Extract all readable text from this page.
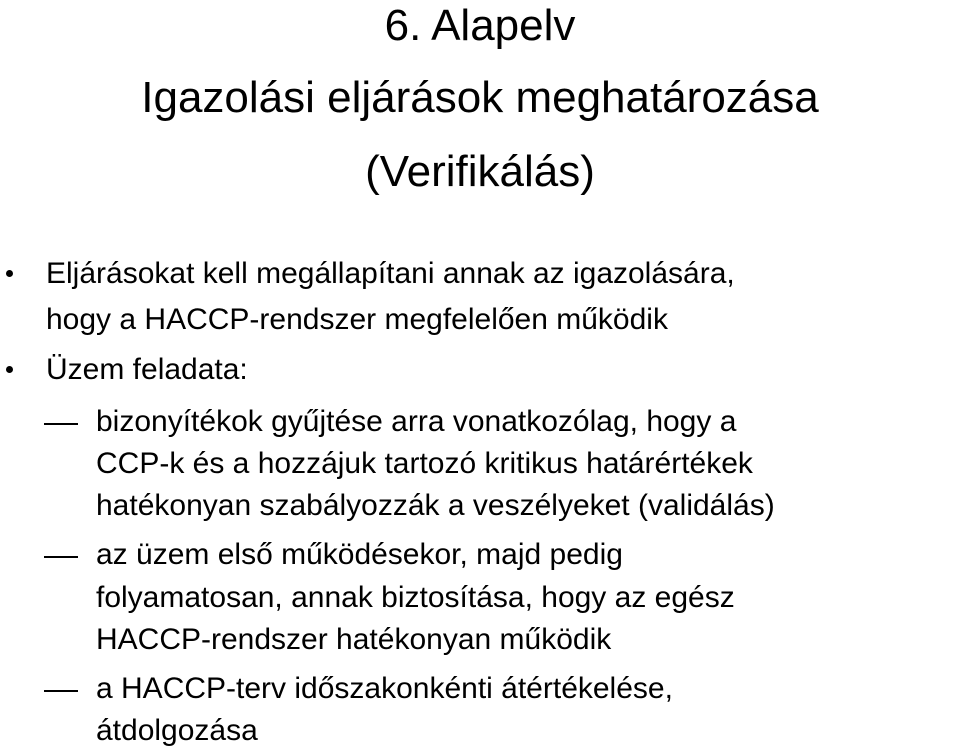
6. Alapelv
Igazolási eljárások meghatározása
(Verifikálás)
Eljárásokat kell megállapítani annak az igazolására,
hogy a HACCP-rendszer megfelelően működik
Üzem feladata:
bizonyítékok gyűjtése arra vonatkozólag, hogy a
CCP-k és a hozzájuk tartozó kritikus határértékek
hatékonyan szabályozzák a veszélyeket (validálás)
az üzem első működésekor, majd pedig
folyamatosan, annak biztosítása, hogy az egész
HACCP-rendszer hatékonyan működik
a HACCP-terv időszakonkénti átértékelése,
átdolgozása
